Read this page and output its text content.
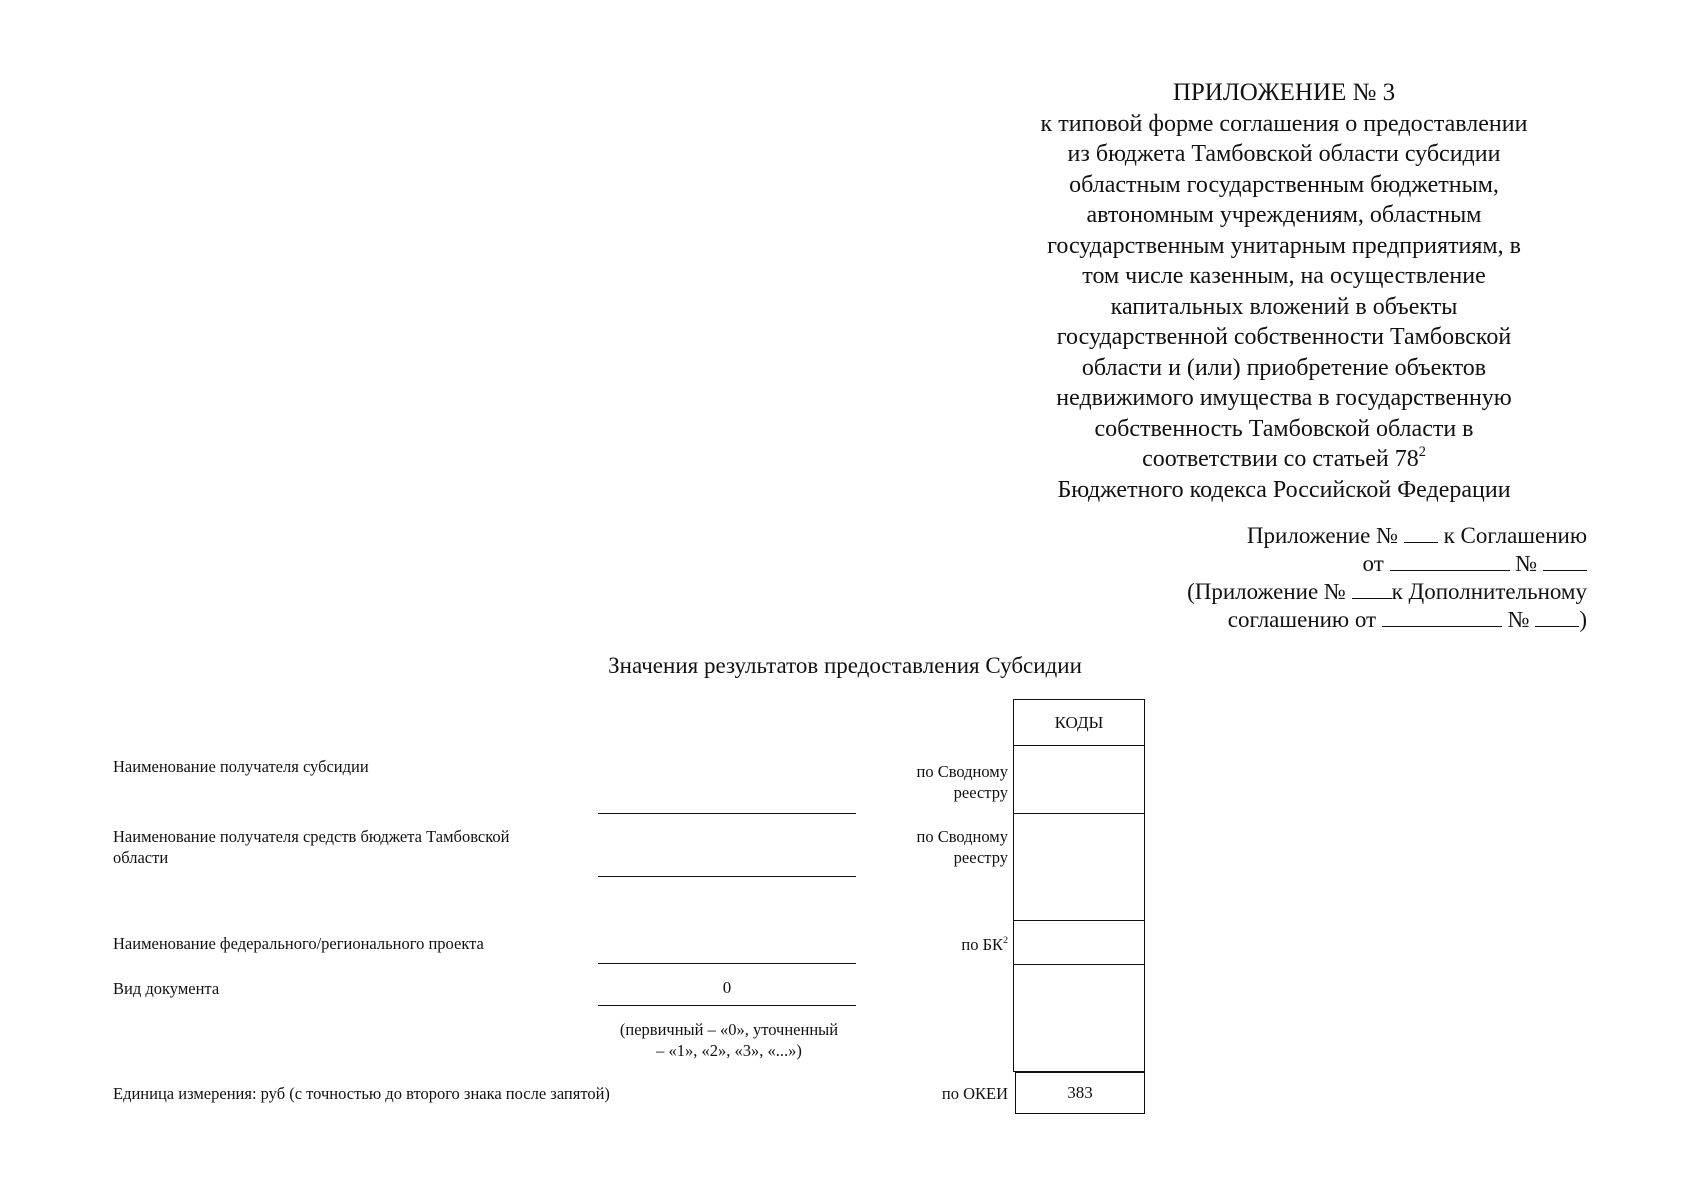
ПРИЛОЖЕНИЕ № 3
к типовой форме соглашения о предоставлении
из бюджета Тамбовской области субсидии
областным государственным бюджетным,
автономным учреждениям, областным
государственным унитарным предприятиям, в
том числе казенным, на осуществление
капитальных вложений в объекты
государственной собственности Тамбовской
области и (или) приобретение объектов
недвижимого имущества в государственную
собственность Тамбовской области в
соответствии со статьей $78^2$
Бюджетного кодекса Российской Федерации
Приложение № к Соглашению
от	№
(Приложение № к Дополнительному
соглашению от	№ )
Значения результатов предоставления Субсидии
Наименование получателя субсидии
Наименование получателя средств бюджета Тамбовской
области
Наименование федерального/регионального проекта
Вид документа
Единица измерения: руб (с точностью до второго знака после запятой)
0
(первичный – «0», уточненный
– «1», «2», «3», «...»)
по Сводному
реестру
по Сводному
реестру
по $БК^2$
по ОКЕИ
КОДЫ
383
